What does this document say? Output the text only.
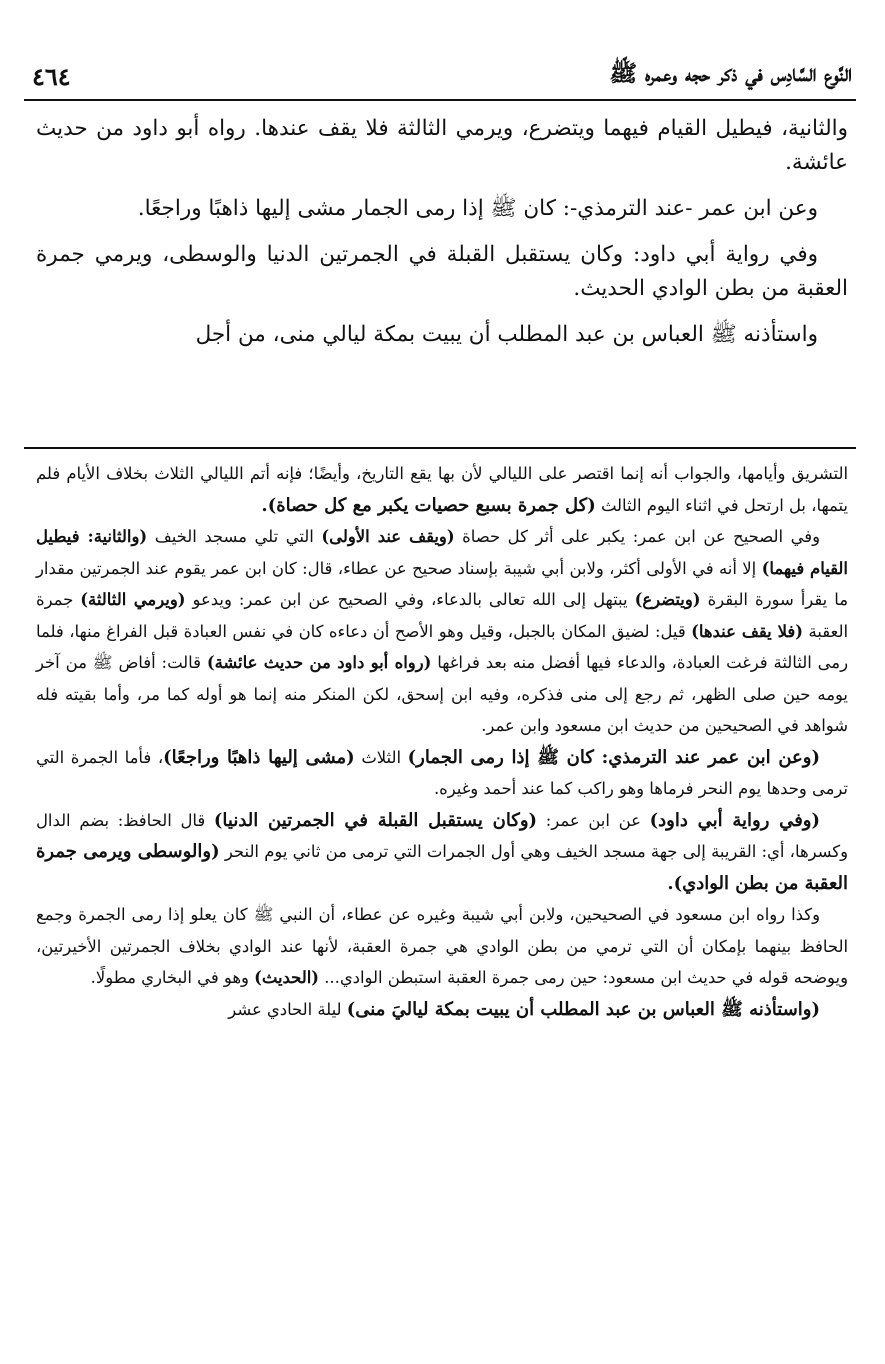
النَّوع السَّادِس في ذكر حجه وعمره ﷺ
٤٦٤

والثانية، فيطيل القيام فيهما ويتضرع، ويرمي الثالثة فلا يقف عندها. رواه أبو داود من حديث عائشة.

وعن ابن عمر -عند الترمذي-: كان ﷺ إذا رمى الجمار مشى إليها ذاهبًا وراجعًا.

وفي رواية أبي داود: وكان يستقبل القبلة في الجمرتين الدنيا والوسطى، ويرمي جمرة العقبة من بطن الوادي الحديث.

واستأذنه ﷺ العباس بن عبد المطلب أن يبيت بمكة ليالي منى، من أجل

التشريق وأيامها، والجواب أنه إنما اقتصر على الليالي لأن بها يقع التاريخ، وأيضًا؛ فإنه أتم الليالي الثلاث بخلاف الأيام فلم يتمها، بل ارتحل في اثناء اليوم الثالث (كل جمرة بسبع حصيات يكبر مع كل حصاة).

وفي الصحيح عن ابن عمر: يكبر على أثر كل حصاة (ويقف عند الأولى) التي تلي مسجد الخيف (والثانية: فيطيل القيام فيهما) إلا أنه في الأولى أكثر، ولابن أبي شيبة بإسناد صحيح عن عطاء، قال: كان ابن عمر يقوم عند الجمرتين مقدار ما يقرأ سورة البقرة (ويتضرع) يبتهل إلى الله تعالى بالدعاء، وفي الصحيح عن ابن عمر: ويدعو (ويرمي الثالثة) جمرة العقبة (فلا يقف عندها) قيل: لضيق المكان بالجبل، وقيل وهو الأصح أن دعاءه كان في نفس العبادة قبل الفراغ منها، فلما رمى الثالثة فرغت العبادة، والدعاء فيها أفضل منه بعد فراغها (رواه أبو داود من حديث عائشة) قالت: أفاض ﷺ من آخر يومه حين صلى الظهر، ثم رجع إلى منى فذكره، وفيه ابن إسحق، لكن المنكر منه إنما هو أوله كما مر، وأما بقيته فله شواهد في الصحيحين من حديث ابن مسعود وابن عمر.

(وعن ابن عمر عند الترمذي: كان ﷺ إذا رمى الجمار) الثلاث (مشى إليها ذاهبًا وراجعًا)، فأما الجمرة التي ترمى وحدها يوم النحر فرماها وهو راكب كما عند أحمد وغيره.

(وفي رواية أبي داود) عن ابن عمر: (وكان يستقبل القبلة في الجمرتين الدنيا) قال الحافظ: بضم الدال وكسرها، أي: القريبة إلى جهة مسجد الخيف وهي أول الجمرات التي ترمى من ثاني يوم النحر (والوسطى ويرمى جمرة العقبة من بطن الوادي).

وكذا رواه ابن مسعود في الصحيحين، ولابن أبي شيبة وغيره عن عطاء، أن النبي ﷺ كان يعلو إذا رمى الجمرة وجمع الحافظ بينهما بإمكان أن التي ترمي من بطن الوادي هي جمرة العقبة، لأنها عند الوادي بخلاف الجمرتين الأخيرتين، ويوضحه قوله في حديث ابن مسعود: حين رمى جمرة العقبة استبطن الوادي... (الحديث) وهو في البخاري مطولًا.

(واستأذنه ﷺ العباس بن عبد المطلب أن يبيت بمكة لياليَ منى) ليلة الحادي عشر
